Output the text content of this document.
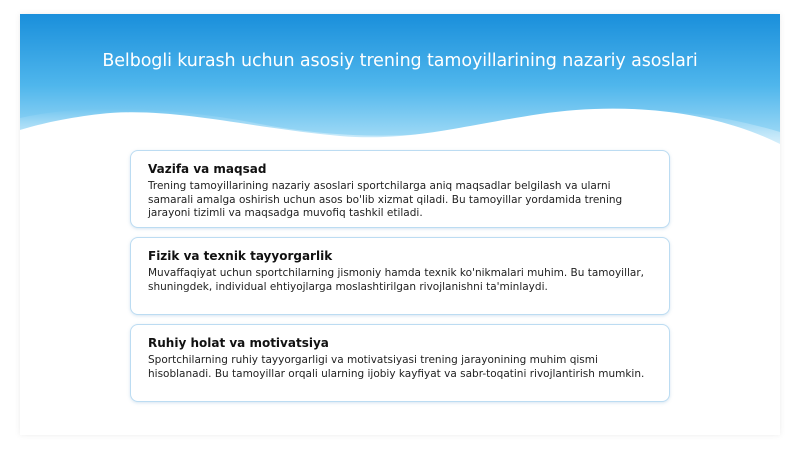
Belbogli kurash uchun asosiy trening tamoyillarining nazariy asoslari
Vazifa va maqsad

Trening tamoyillarining nazariy asoslari sportchilarga aniq maqsadlar belgilash va ularni samarali amalga oshirish uchun asos bo'lib xizmat qiladi. Bu tamoyillar yordamida trening jarayoni tizimli va maqsadga muvofiq tashkil etiladi.

Fizik va texnik tayyorgarlik

Muvaffaqiyat uchun sportchilarning jismoniy hamda texnik ko'nikmalari muhim. Bu tamoyillar, shuningdek, individual ehtiyojlarga moslashtirilgan rivojlanishni ta'minlaydi.

Ruhiy holat va motivatsiya

Sportchilarning ruhiy tayyorgarligi va motivatsiyasi trening jarayonining muhim qismi hisoblanadi. Bu tamoyillar orqali ularning ijobiy kayfiyat va sabr-toqatini rivojlantirish mumkin.
